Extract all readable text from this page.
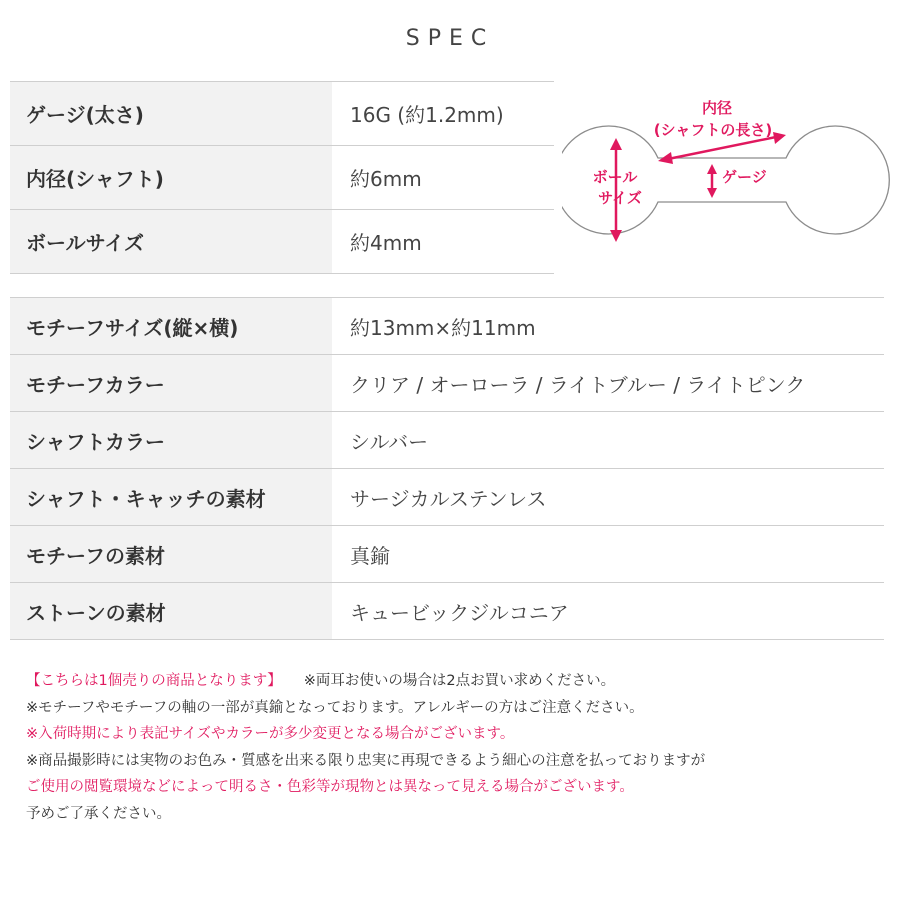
SPEC
ゲージ(太さ)	16G (約1.2mm)
内径(シャフト)	約6mm
ボールサイズ	約4mm
内径
(シャフトの長さ)
ゲージ
ボール
サイズ
モチーフサイズ(縦×横)	約13mm×約11mm
モチーフカラー	クリア / オーローラ / ライトブルー / ライトピンク
シャフトカラー	シルバー
シャフト・キャッチの素材	サージカルステンレス
モチーフの素材	真鍮
ストーンの素材	キュービックジルコニア
【こちらは1個売りの商品となります】 ※両耳お使いの場合は2点お買い求めください。
※モチーフやモチーフの軸の一部が真鍮となっております。アレルギーの方はご注意ください。
※入荷時期により表記サイズやカラーが多少変更となる場合がございます。
※商品撮影時には実物のお色み・質感を出来る限り忠実に再現できるよう細心の注意を払っておりますが
ご使用の閲覧環境などによって明るさ・色彩等が現物とは異なって見える場合がございます。
予めご了承ください。
